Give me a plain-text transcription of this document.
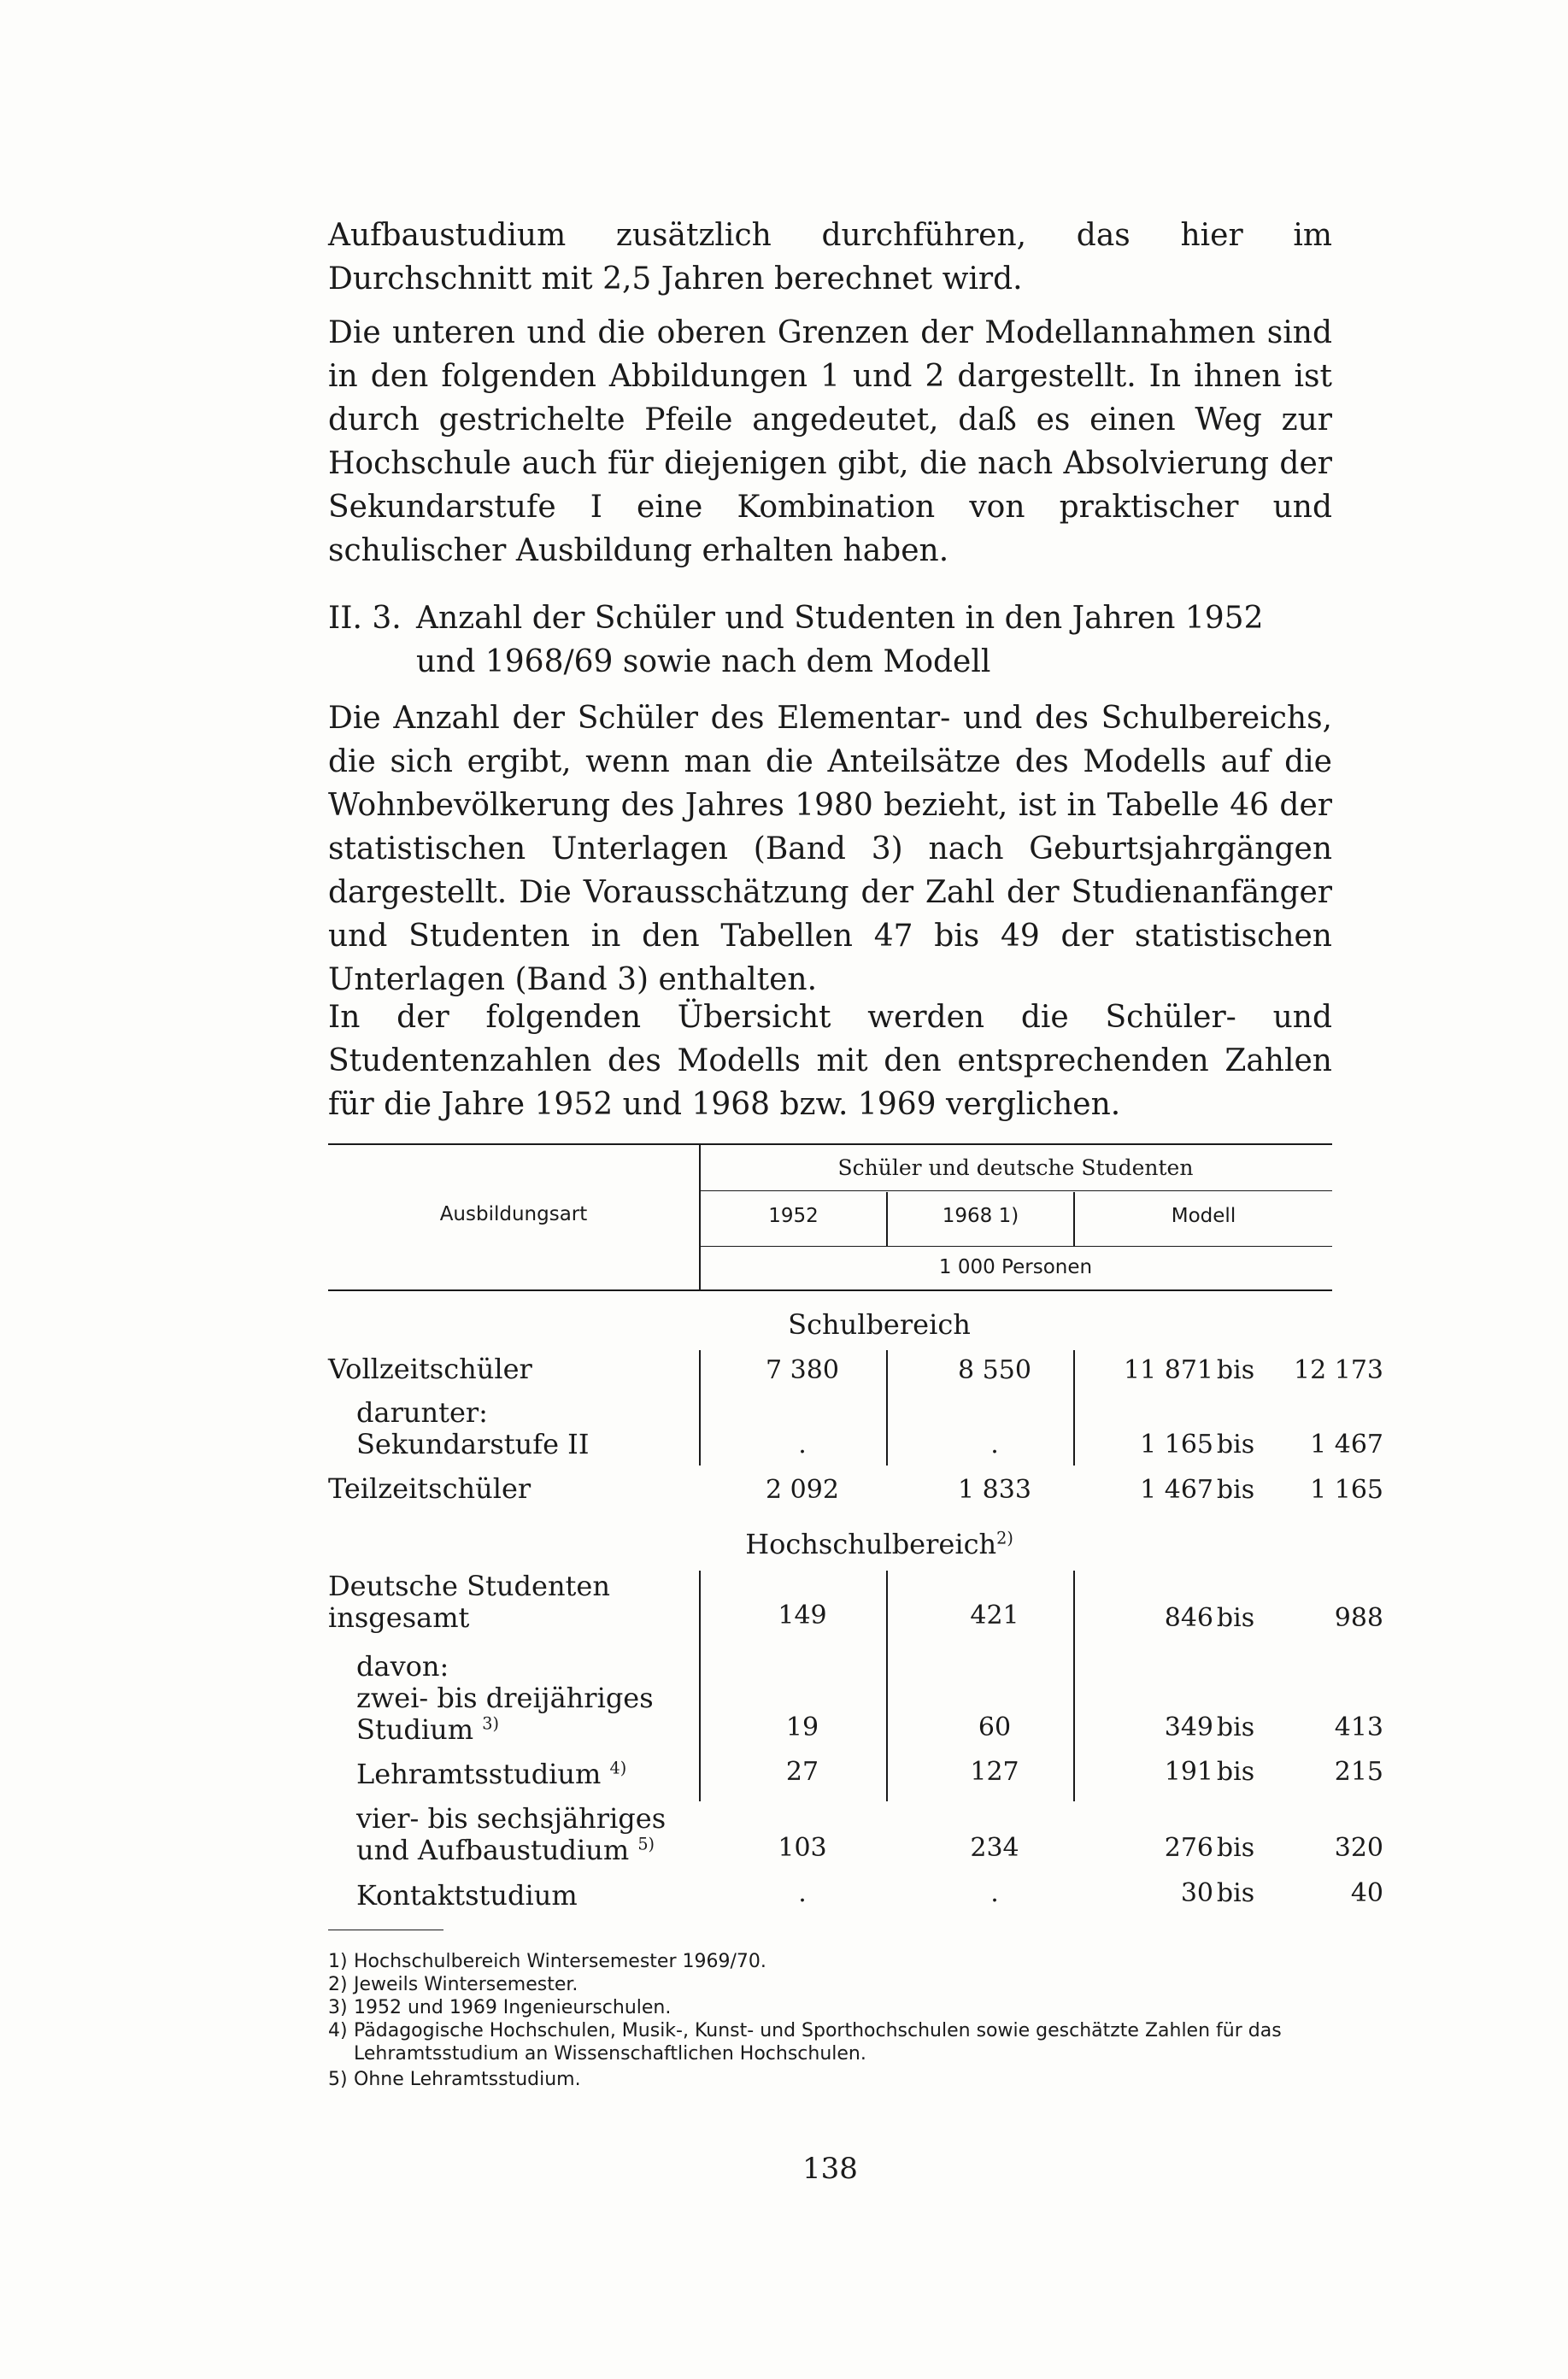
Aufbaustudium zusätzlich durchführen, das hier im Durchschnitt mit 2,5 Jahren berechnet wird.

Die unteren und die oberen Grenzen der Modellannahmen sind in den folgenden Abbildungen 1 und 2 dargestellt. In ihnen ist durch gestrichelte Pfeile angedeutet, daß es einen Weg zur Hochschule auch für diejenigen gibt, die nach Absolvierung der Sekundarstufe I eine Kombination von praktischer und schulischer Ausbildung erhalten haben.

II. 3. Anzahl der Schüler und Studenten in den Jahren 1952 und 1968/69 sowie nach dem Modell

Die Anzahl der Schüler des Elementar- und des Schulbereichs, die sich ergibt, wenn man die Anteilsätze des Modells auf die Wohnbevölkerung des Jahres 1980 bezieht, ist in Tabelle 46 der statistischen Unterlagen (Band 3) nach Geburtsjahrgängen dargestellt. Die Vorausschätzung der Zahl der Studienanfänger und Studenten in den Tabellen 47 bis 49 der statistischen Unterlagen (Band 3) enthalten.

In der folgenden Übersicht werden die Schüler- und Studentenzahlen des Modells mit den entsprechenden Zahlen für die Jahre 1952 und 1968 bzw. 1969 verglichen.

Ausbildungsart
Schüler und deutsche Studenten
1952	1968 1)	Modell
1 000 Personen
Schulbereich
Hochschulbereich$^{2)}$
Vollzeitschüler	7 380	8 550	11 871 bis	12 173
darunter:
Sekundarstufe II	.	.	1 165 bis	1 467
Teilzeitschüler	2 092	1 833	1 467 bis	1 165
Deutsche Studenten
insgesamt	149	421	846 bis	988
davon:
zwei- bis dreijähriges
Studium $^{3)}$	19	60	349 bis	413
Lehramtsstudium $^{4)}$	27	127	191 bis	215
vier- bis sechsjähriges
und Aufbaustudium $^{5)}$	103	234	276 bis	320
Kontaktstudium	.	.	30 bis	40
1) Hochschulbereich Wintersemester 1969/70.
2) Jeweils Wintersemester.
3) 1952 und 1969 Ingenieurschulen.
4) Pädagogische Hochschulen, Musik-, Kunst- und Sporthochschulen sowie geschätzte Zahlen für das Lehramtsstudium an Wissenschaftlichen Hochschulen.
5) Ohne Lehramtsstudium.
138
